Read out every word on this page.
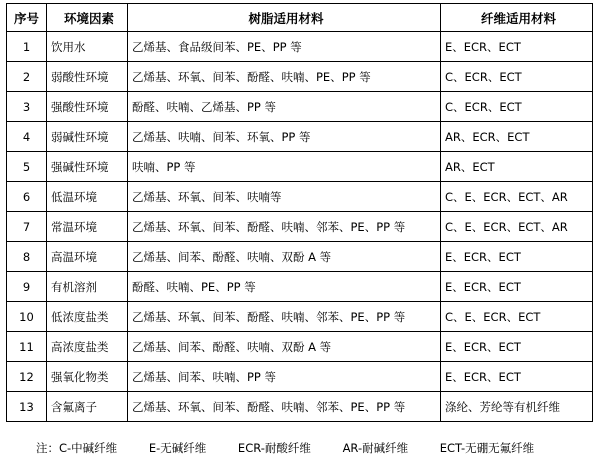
序号	环境因素	树脂适用材料	纤维适用材料
1	饮用水	乙烯基、食品级间苯、PE、PP 等	E、ECR、ECT
2	弱酸性环境	乙烯基、环氧、间苯、酚醛、呋喃、PE、PP 等	C、ECR、ECT
3	强酸性环境	酚醛、呋喃、乙烯基、PP 等	C、ECR、ECT
4	弱碱性环境	乙烯基、呋喃、间苯、环氧、PP 等	AR、ECR、ECT
5	强碱性环境	呋喃、PP 等	AR、ECT
6	低温环境	乙烯基、环氧、间苯、呋喃等	C、E、ECR、ECT、AR
7	常温环境	乙烯基、环氧、间苯、酚醛、呋喃、邻苯、PE、PP 等	C、E、ECR、ECT、AR
8	高温环境	乙烯基、间苯、酚醛、呋喃、双酚 A 等	E、ECR、ECT
9	有机溶剂	酚醛、呋喃、PE、PP 等	E、ECR、ECT
10	低浓度盐类	乙烯基、环氧、间苯、酚醛、呋喃、邻苯、PE、PP 等	C、E、ECR、ECT
11	高浓度盐类	乙烯基、间苯、酚醛、呋喃、双酚 A 等	E、ECR、ECT
12	强氧化物类	乙烯基、间苯、呋喃、PP 等	E、ECR、ECT
13	含氟离子	乙烯基、环氧、间苯、酚醛、呋喃、邻苯、PE、PP 等	涤纶、芳纶等有机纤维
注：C-中碱纤维	E-无碱纤维	ECR-耐酸纤维	AR-耐碱纤维	ECT-无硼无氟纤维
